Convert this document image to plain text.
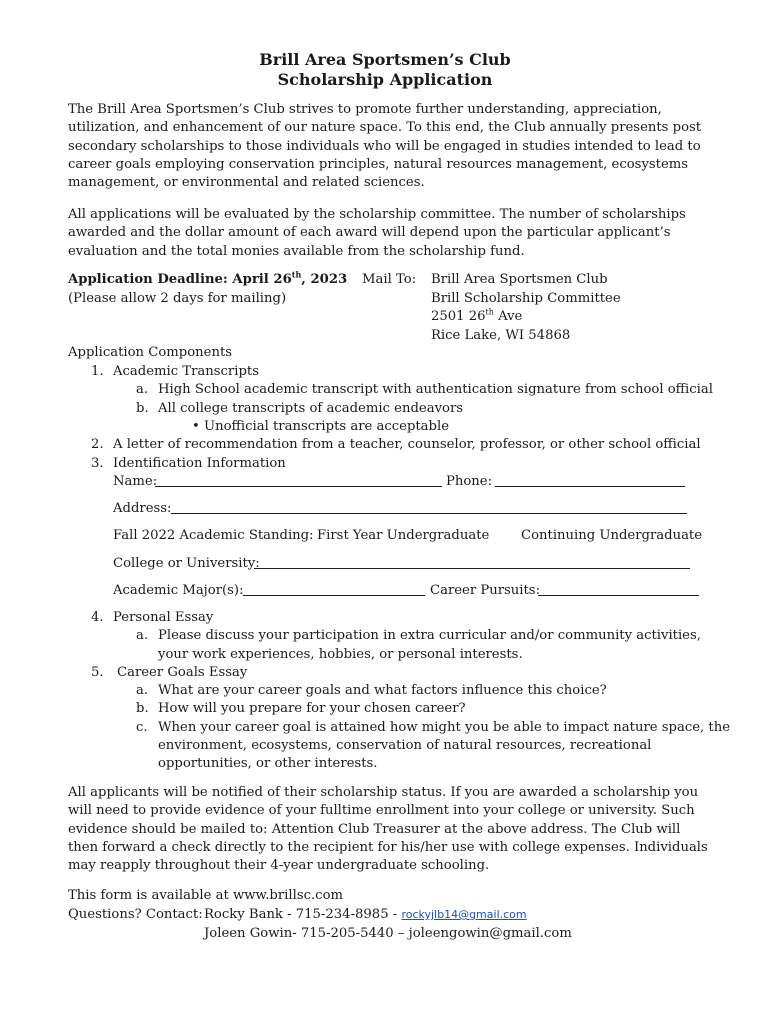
Brill Area Sportsmen’s Club
Scholarship Application

The Brill Area Sportsmen’s Club strives to promote further understanding, appreciation, utilization, and enhancement of our nature space. To this end, the Club annually presents post secondary scholarships to those individuals who will be engaged in studies intended to lead to career goals employing conservation principles, natural resources management, ecosystems management, or environmental and related sciences.

All applications will be evaluated by the scholarship committee. The number of scholarships awarded and the dollar amount of each award will depend upon the particular applicant’s evaluation and the total monies available from the scholarship fund.

Application Deadline: April 26th, 2023
(Please allow 2 days for mailing)
Mail To: Brill Area Sportsmen Club
Brill Scholarship Committee
2501 26th Ave
Rice Lake, WI 54868
Application Components
1. Academic Transcripts
a. High School academic transcript with authentication signature from school official
b. All college transcripts of academic endeavors
• Unofficial transcripts are acceptable
2. A letter of recommendation from a teacher, counselor, professor, or other school official
3. Identification Information
Name:	Phone:
Address:
Fall 2022 Academic Standing: First Year Undergraduate Continuing Undergraduate
College or University:
Academic Major(s):	Career Pursuits:
4. Personal Essay
a. Please discuss your participation in extra curricular and/or community activities,
your work experiences, hobbies, or personal interests.
5. Career Goals Essay
a. What are your career goals and what factors influence this choice?
b. How will you prepare for your chosen career?
c. When your career goal is attained how might you be able to impact nature space, the
environment, ecosystems, conservation of natural resources, recreational
opportunities, or other interests.

All applicants will be notified of their scholarship status. If you are awarded a scholarship you will need to provide evidence of your fulltime enrollment into your college or university. Such evidence should be mailed to: Attention Club Treasurer at the above address. The Club will then forward a check directly to the recipient for his/her use with college expenses. Individuals may reapply throughout their 4-year undergraduate schooling.

This form is available at www.brillsc.com
Questions? Contact: Rocky Bank - 715-234-8985 - rockyjlb14@gmail.com
Joleen Gowin- 715-205-5440 – joleengowin@gmail.com
